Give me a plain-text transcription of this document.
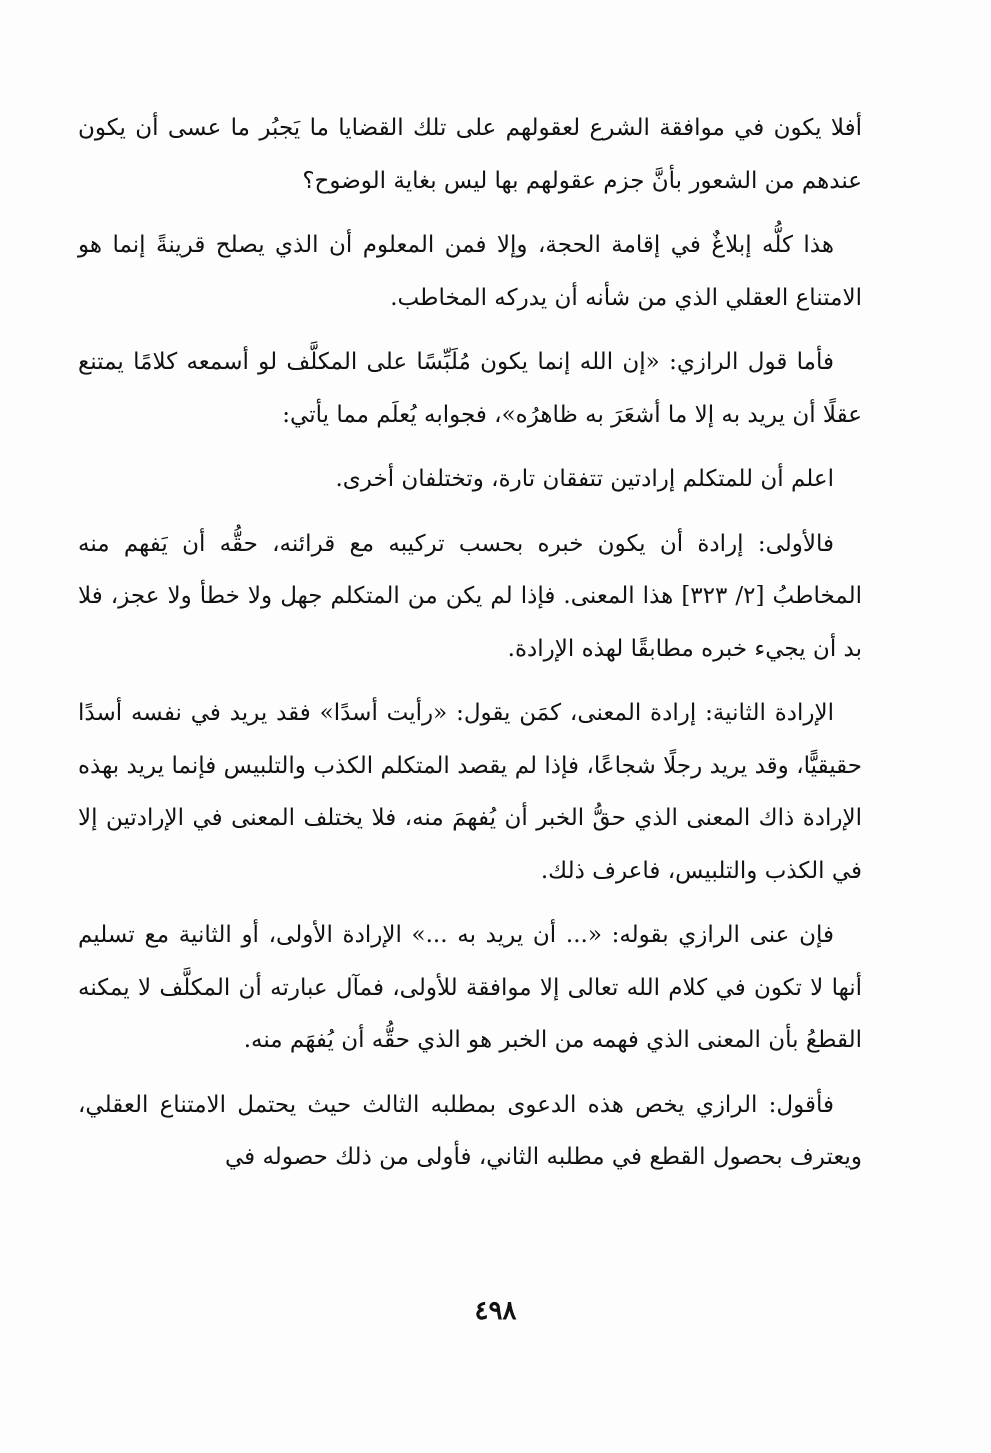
أفلا يكون في موافقة الشرع لعقولهم على تلك القضايا ما يَجبُر ما عسى أن يكون عندهم من الشعور بأنَّ جزم عقولهم بها ليس بغاية الوضوح؟

هذا كلُّه إبلاغٌ في إقامة الحجة، وإلا فمن المعلوم أن الذي يصلح قرينةً إنما هو الامتناع العقلي الذي من شأنه أن يدركه المخاطب.

فأما قول الرازي: «إن الله إنما يكون مُلَبِّسًا على المكلَّف لو أسمعه كلامًا يمتنع عقلًا أن يريد به إلا ما أشعَرَ به ظاهرُه»، فجوابه يُعلَم مما يأتي:

اعلم أن للمتكلم إرادتين تتفقان تارة، وتختلفان أخرى.

فالأولى: إرادة أن يكون خبره بحسب تركيبه مع قرائنه، حقُّه أن يَفهم منه المخاطبُ [٢/ ٣٢٣] هذا المعنى. فإذا لم يكن من المتكلم جهل ولا خطأ ولا عجز، فلا بد أن يجيء خبره مطابقًا لهذه الإرادة.

الإرادة الثانية: إرادة المعنى، كمَن يقول: «رأيت أسدًا» فقد يريد في نفسه أسدًا حقيقيًّا، وقد يريد رجلًا شجاعًا، فإذا لم يقصد المتكلم الكذب والتلبيس فإنما يريد بهذه الإرادة ذاك المعنى الذي حقُّ الخبر أن يُفهمَ منه، فلا يختلف المعنى في الإرادتين إلا في الكذب والتلبيس، فاعرف ذلك.

فإن عنى الرازي بقوله: «... أن يريد به ...» الإرادة الأولى، أو الثانية مع تسليم أنها لا تكون في كلام الله تعالى إلا موافقة للأولى، فمآل عبارته أن المكلَّف لا يمكنه القطعُ بأن المعنى الذي فهمه من الخبر هو الذي حقُّه أن يُفهَم منه.

فأقول: الرازي يخص هذه الدعوى بمطلبه الثالث حيث يحتمل الامتناع العقلي، ويعترف بحصول القطع في مطلبه الثاني، فأولى من ذلك حصوله في

٤٩٨
